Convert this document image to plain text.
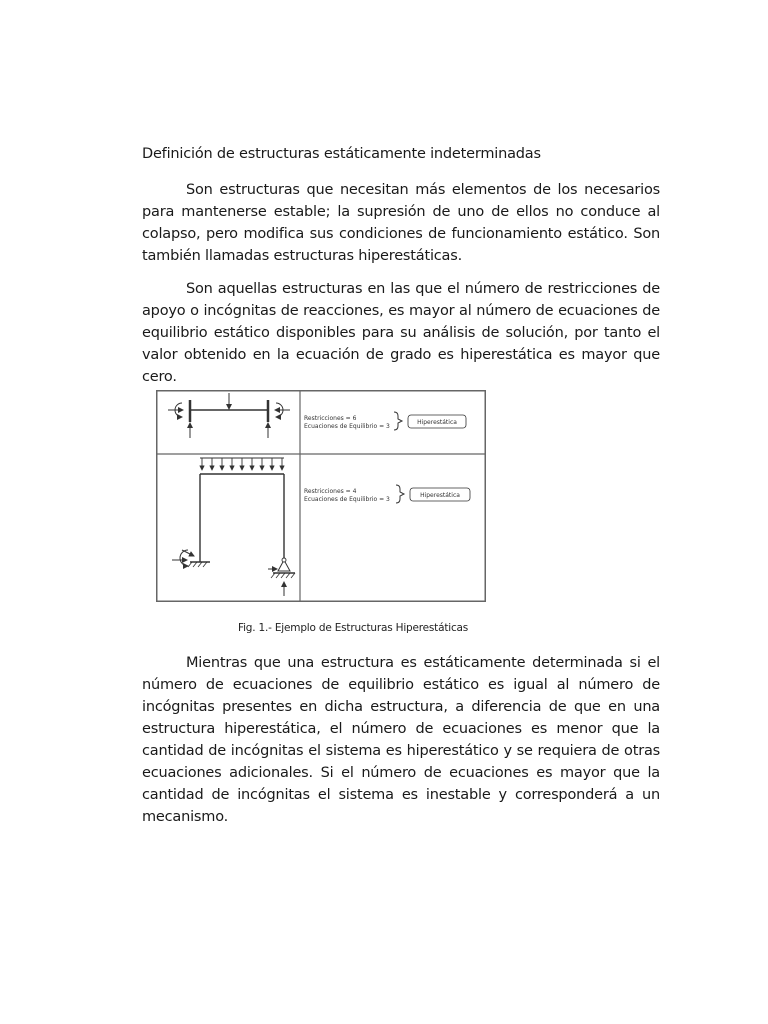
Definición de estructuras estáticamente indeterminadas

Son estructuras que necesitan más elementos de los necesarios para mantenerse estable; la supresión de uno de ellos no conduce al colapso, pero modifica sus condiciones de funcionamiento estático. Son también llamadas estructuras hiperestáticas.

Son aquellas estructuras en las que el número de restricciones de apoyo o incógnitas de reacciones, es mayor al número de ecuaciones de equilibrio estático disponibles para su análisis de solución, por tanto el valor obtenido en la ecuación de grado es hiperestática es mayor que cero.

Restricciones = 6
Ecuaciones de Equilibrio = 3
Hiperestática
Restricciones = 4
Ecuaciones de Equilibrio = 3
Hiperestática
Fig. 1.- Ejemplo de Estructuras Hiperestáticas

Mientras que una estructura es estáticamente determinada si el número de ecuaciones de equilibrio estático es igual al número de incógnitas presentes en dicha estructura, a diferencia de que en una estructura hiperestática, el número de ecuaciones es menor que la cantidad de incógnitas el sistema es hiperestático y se requiera de otras ecuaciones adicionales. Si el número de ecuaciones es mayor que la cantidad de incógnitas el sistema es inestable y corresponderá a un mecanismo.
